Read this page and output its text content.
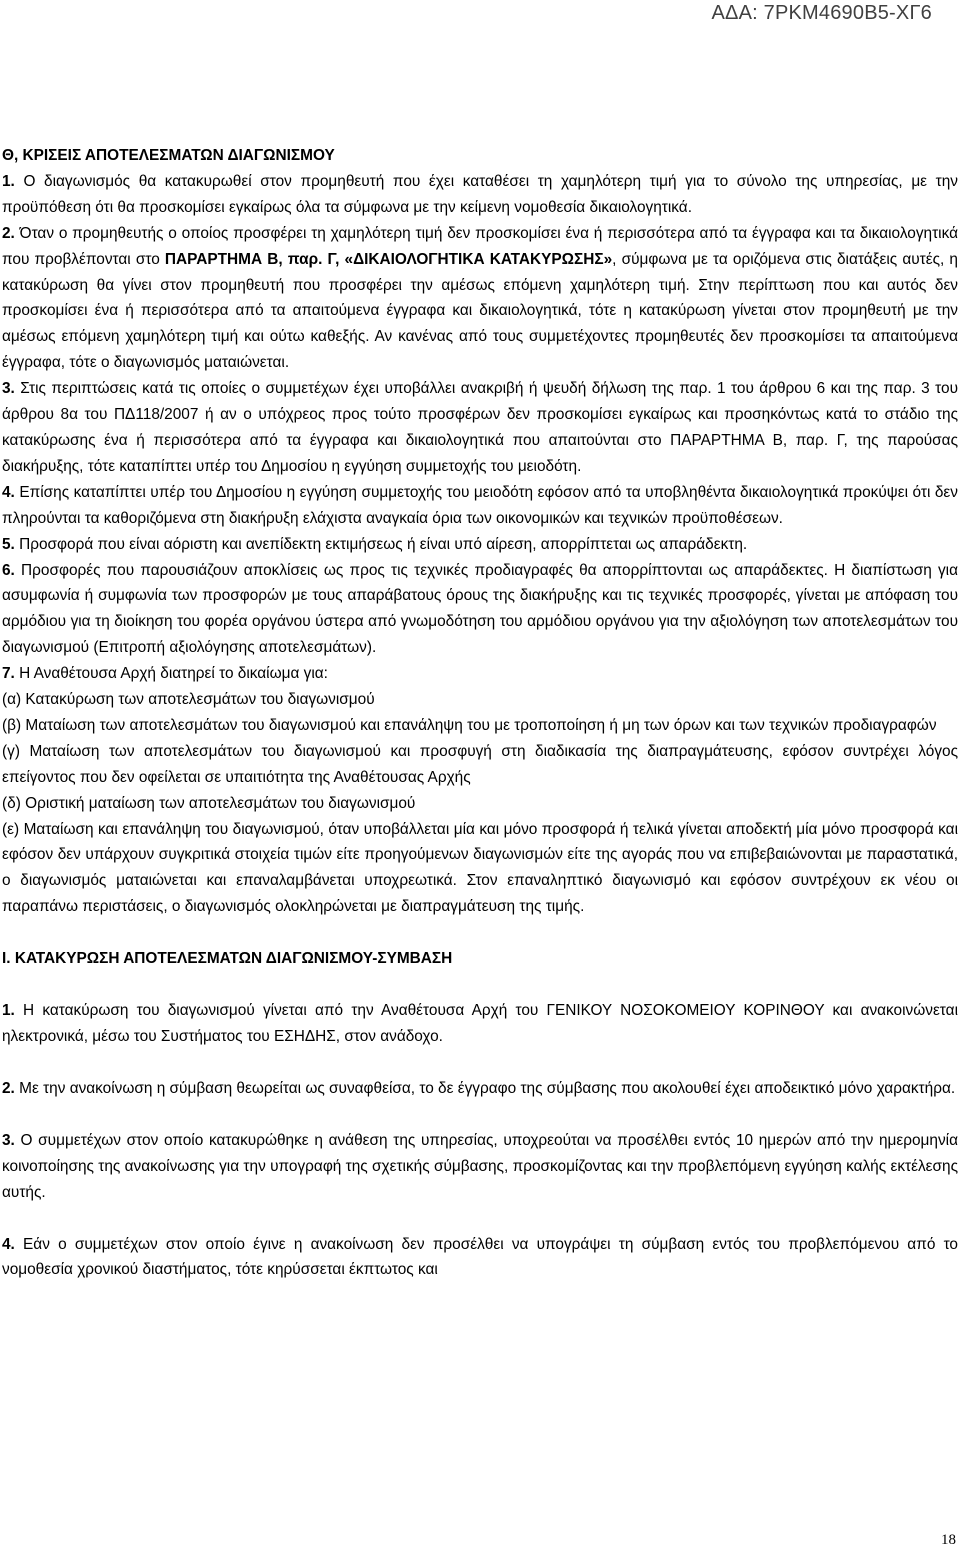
ΑΔΑ: 7ΡΚΜ4690Β5-ΧΓ6

Θ, ΚΡΙΣΕΙΣ ΑΠΟΤΕΛΕΣΜΑΤΩΝ ΔΙΑΓΩΝΙΣΜΟΥ

1. Ο διαγωνισμός θα κατακυρωθεί στον προμηθευτή που έχει καταθέσει τη χαμηλότερη τιμή για το σύνολο της υπηρεσίας, με την προϋπόθεση ότι θα προσκομίσει εγκαίρως όλα τα σύμφωνα με την κείμενη νομοθεσία δικαιολογητικά.

2. Όταν ο προμηθευτής ο οποίος προσφέρει τη χαμηλότερη τιμή δεν προσκομίσει ένα ή περισσότερα από τα έγγραφα και τα δικαιολογητικά που προβλέπονται στο ΠΑΡΑΡΤΗΜΑ Β, παρ. Γ, «ΔΙΚΑΙΟΛΟΓΗΤΙΚΑ ΚΑΤΑΚΥΡΩΣΗΣ», σύμφωνα με τα οριζόμενα στις διατάξεις αυτές, η κατακύρωση θα γίνει στον προμηθευτή που προσφέρει την αμέσως επόμενη χαμηλότερη τιμή. Στην περίπτωση που και αυτός δεν προσκομίσει ένα ή περισσότερα από τα απαιτούμενα έγγραφα και δικαιολογητικά, τότε η κατακύρωση γίνεται στον προμηθευτή με την αμέσως επόμενη χαμηλότερη τιμή και ούτω καθεξής. Αν κανένας από τους συμμετέχοντες προμηθευτές δεν προσκομίσει τα απαιτούμενα έγγραφα, τότε ο διαγωνισμός ματαιώνεται.

3. Στις περιπτώσεις κατά τις οποίες ο συμμετέχων έχει υποβάλλει ανακριβή ή ψευδή δήλωση της παρ. 1 του άρθρου 6 και της παρ. 3 του άρθρου 8α του ΠΔ118/2007 ή αν ο υπόχρεος προς τούτο προσφέρων δεν προσκομίσει εγκαίρως και προσηκόντως κατά το στάδιο της κατακύρωσης ένα ή περισσότερα από τα έγγραφα και δικαιολογητικά που απαιτούνται στο ΠΑΡΑΡΤΗΜΑ Β, παρ. Γ, της παρούσας διακήρυξης, τότε καταπίπτει υπέρ του Δημοσίου η εγγύηση συμμετοχής του μειοδότη.

4. Επίσης καταπίπτει υπέρ του Δημοσίου η εγγύηση συμμετοχής του μειοδότη εφόσον από τα υποβληθέντα δικαιολογητικά προκύψει ότι δεν πληρούνται τα καθοριζόμενα στη διακήρυξη ελάχιστα αναγκαία όρια των οικονομικών και τεχνικών προϋποθέσεων.

5. Προσφορά που είναι αόριστη και ανεπίδεκτη εκτιμήσεως ή είναι υπό αίρεση, απορρίπτεται ως απαράδεκτη.

6. Προσφορές που παρουσιάζουν αποκλίσεις ως προς τις τεχνικές προδιαγραφές θα απορρίπτονται ως απαράδεκτες. Η διαπίστωση για ασυμφωνία ή συμφωνία των προσφορών με τους απαράβατους όρους της διακήρυξης και τις τεχνικές προσφορές, γίνεται με απόφαση του αρμόδιου για τη διοίκηση του φορέα οργάνου ύστερα από γνωμοδότηση του αρμόδιου οργάνου για την αξιολόγηση των αποτελεσμάτων του διαγωνισμού (Επιτροπή αξιολόγησης αποτελεσμάτων).

7. Η Αναθέτουσα Αρχή διατηρεί το δικαίωμα για:

(α) Κατακύρωση των αποτελεσμάτων του διαγωνισμού

(β) Ματαίωση των αποτελεσμάτων του διαγωνισμού και επανάληψη του με τροποποίηση ή μη των όρων και των τεχνικών προδιαγραφών

(γ) Ματαίωση των αποτελεσμάτων του διαγωνισμού και προσφυγή στη διαδικασία της διαπραγμάτευσης, εφόσον συντρέχει λόγος επείγοντος που δεν οφείλεται σε υπαιτιότητα της Αναθέτουσας Αρχής

(δ) Οριστική ματαίωση των αποτελεσμάτων του διαγωνισμού

(ε) Ματαίωση και επανάληψη του διαγωνισμού, όταν υποβάλλεται μία και μόνο προσφορά ή τελικά γίνεται αποδεκτή μία μόνο προσφορά και εφόσον δεν υπάρχουν συγκριτικά στοιχεία τιμών είτε προηγούμενων διαγωνισμών είτε της αγοράς που να επιβεβαιώνονται με παραστατικά, ο διαγωνισμός ματαιώνεται και επαναλαμβάνεται υποχρεωτικά. Στον επαναληπτικό διαγωνισμό και εφόσον συντρέχουν εκ νέου οι παραπάνω περιστάσεις, ο διαγωνισμός ολοκληρώνεται με διαπραγμάτευση της τιμής.

Ι. ΚΑΤΑΚΥΡΩΣΗ ΑΠΟΤΕΛΕΣΜΑΤΩΝ ΔΙΑΓΩΝΙΣΜΟΥ-ΣΥΜΒΑΣΗ

1. Η κατακύρωση του διαγωνισμού γίνεται από την Αναθέτουσα Αρχή του ΓΕΝΙΚΟΥ ΝΟΣΟΚΟΜΕΙΟΥ ΚΟΡΙΝΘΟΥ και ανακοινώνεται ηλεκτρονικά, μέσω του Συστήματος του ΕΣΗΔΗΣ, στον ανάδοχο.

2. Με την ανακοίνωση η σύμβαση θεωρείται ως συναφθείσα, το δε έγγραφο της σύμβασης που ακολουθεί έχει αποδεικτικό μόνο χαρακτήρα.

3. Ο συμμετέχων στον οποίο κατακυρώθηκε η ανάθεση της υπηρεσίας, υποχρεούται να προσέλθει εντός 10 ημερών από την ημερομηνία κοινοποίησης της ανακοίνωσης για την υπογραφή της σχετικής σύμβασης, προσκομίζοντας και την προβλεπόμενη εγγύηση καλής εκτέλεσης αυτής.

4. Εάν ο συμμετέχων στον οποίο έγινε η ανακοίνωση δεν προσέλθει να υπογράψει τη σύμβαση εντός του προβλεπόμενου από το νομοθεσία χρονικού διαστήματος, τότε κηρύσσεται έκπτωτος και

18
